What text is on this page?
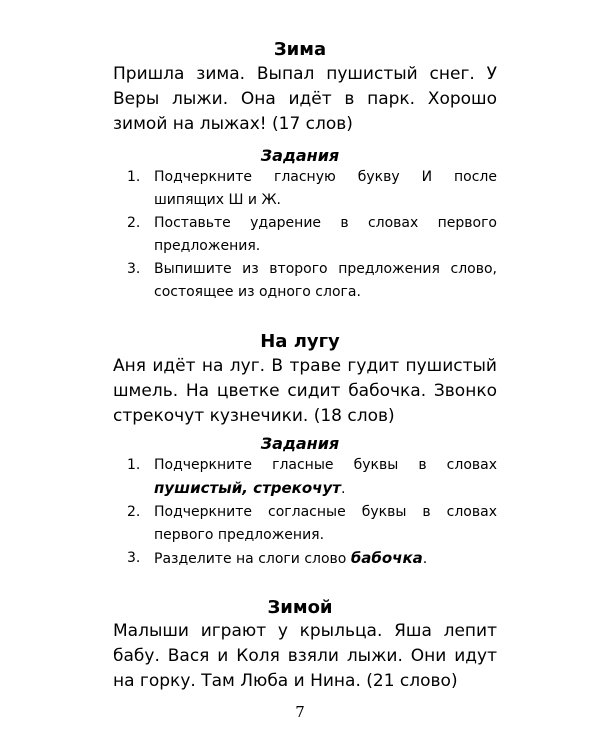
Зима

Пришла зима. Выпал пушистый снег. У Веры лыжи. Она идёт в парк. Хорошо зимой на лыжах! (17 слов)

Задания
1. Подчеркните гласную букву И после шипящих Ш и Ж.
2. Поставьте ударение в словах первого предложения.
3. Выпишите из второго предложения слово, состоящее из одного слога.
На лугу

Аня идёт на луг. В траве гудит пушистый шмель. На цветке сидит бабочка. Звонко стрекочут кузнечики. (18 слов)

Задания
1. Подчеркните гласные буквы в словах пушистый, стрекочут.
2. Подчеркните согласные буквы в словах первого предложения.
3. Разделите на слоги слово бабочка.
Зимой

Малыши играют у крыльца. Яша лепит бабу. Вася и Коля взяли лыжи. Они идут на горку. Там Люба и Нина. (21 слово)

7
